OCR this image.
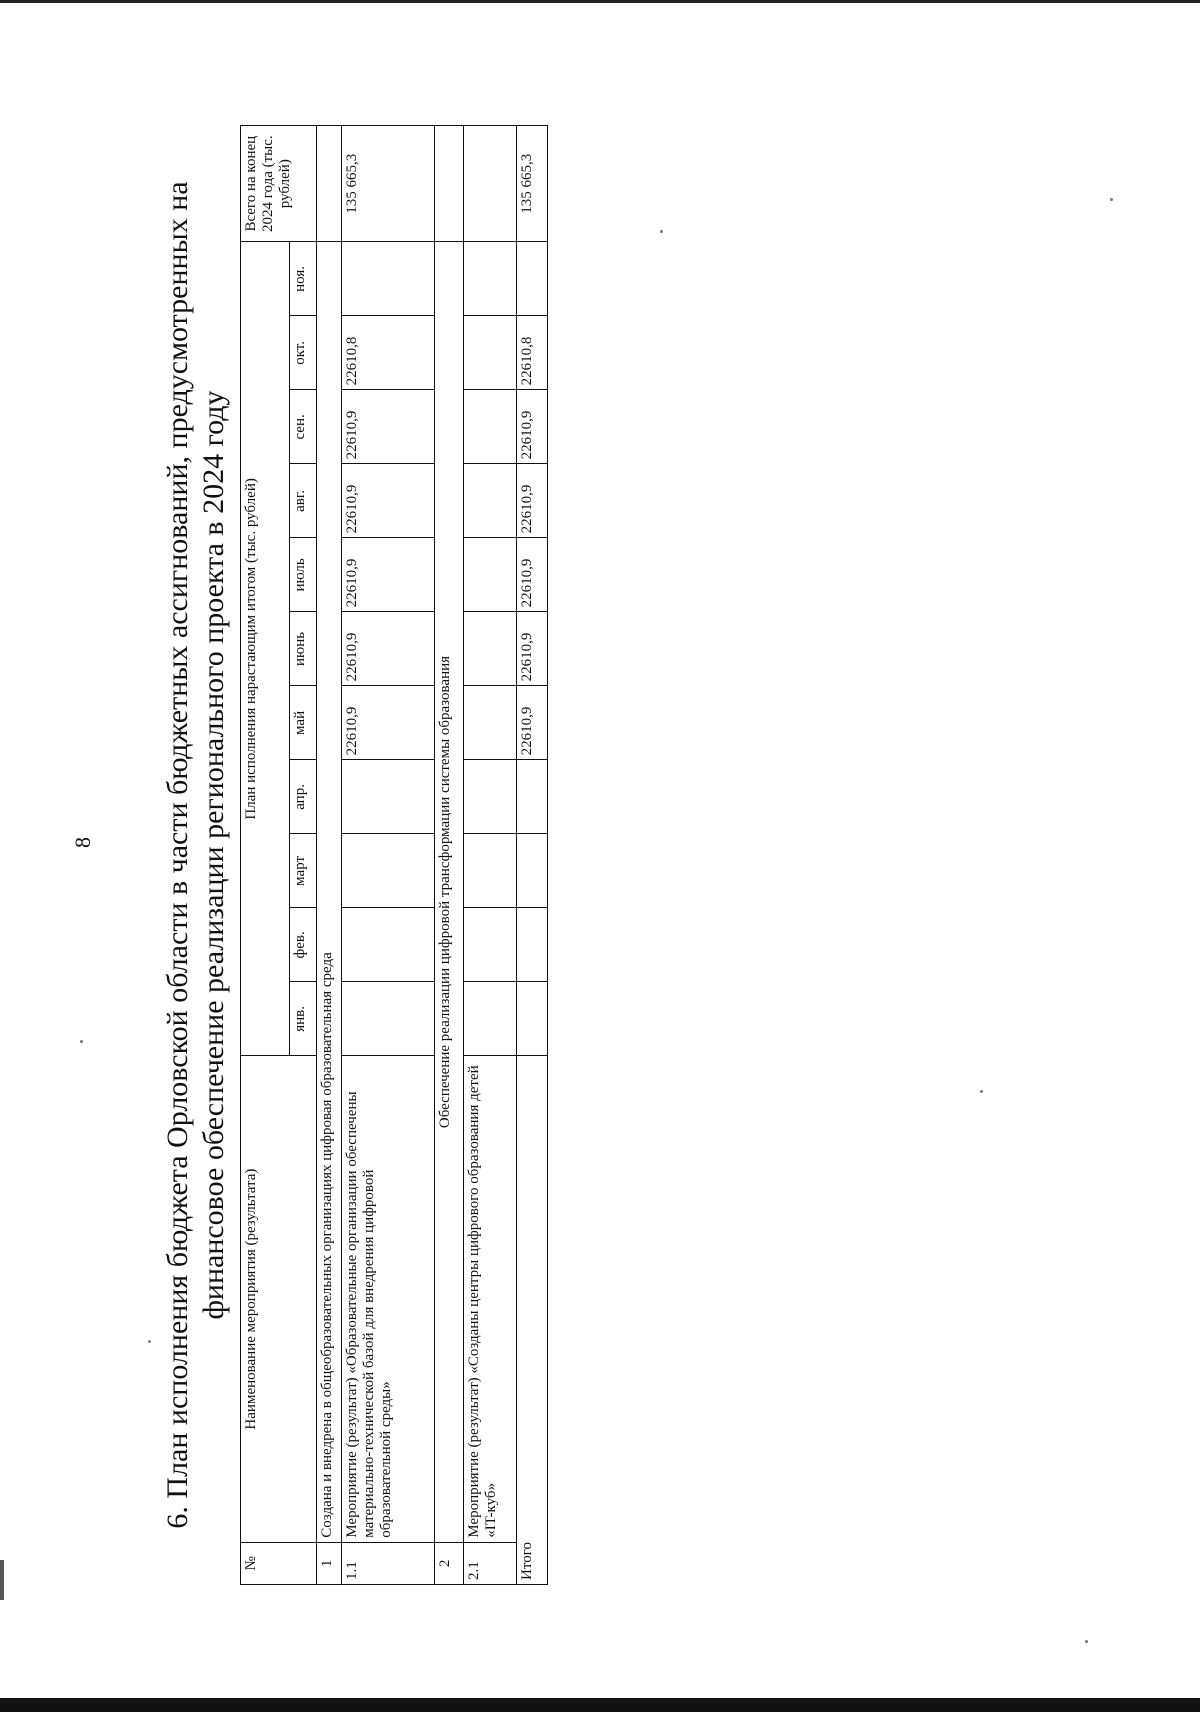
8 6. План исполнения бюджета Орловской области в части бюджетных ассигнований, предусмотренных на финансовое обеспечение реализации регионального проекта в 2024 году
№	Наименование мероприятия (результата)	План исполнения нарастающим итогом (тыс. рублей)											Всего на конец 2024 года (тыс. рублей)
		янв.	фев.	март	апр.	май	июнь	июль	авг.	сен.	окт.	ноя.	
1	Создана и внедрена в общеобразовательных организациях цифровая образовательная среда												
1.1	Мероприятие (результат) «Образовательные организации обеспечены материально-технической базой для внедрения цифровой образовательной среды»					22610,9	22610,9	22610,9	22610,9	22610,9	22610,8		135 665,3
2	Обеспечение реализации цифровой трансформации системы образования												
2.1	Мероприятие (результат) «Созданы центры цифрового образования детей «IT-куб»												
Итого						22610,9	22610,9	22610,9	22610,9	22610,9	22610,8		135 665,3
